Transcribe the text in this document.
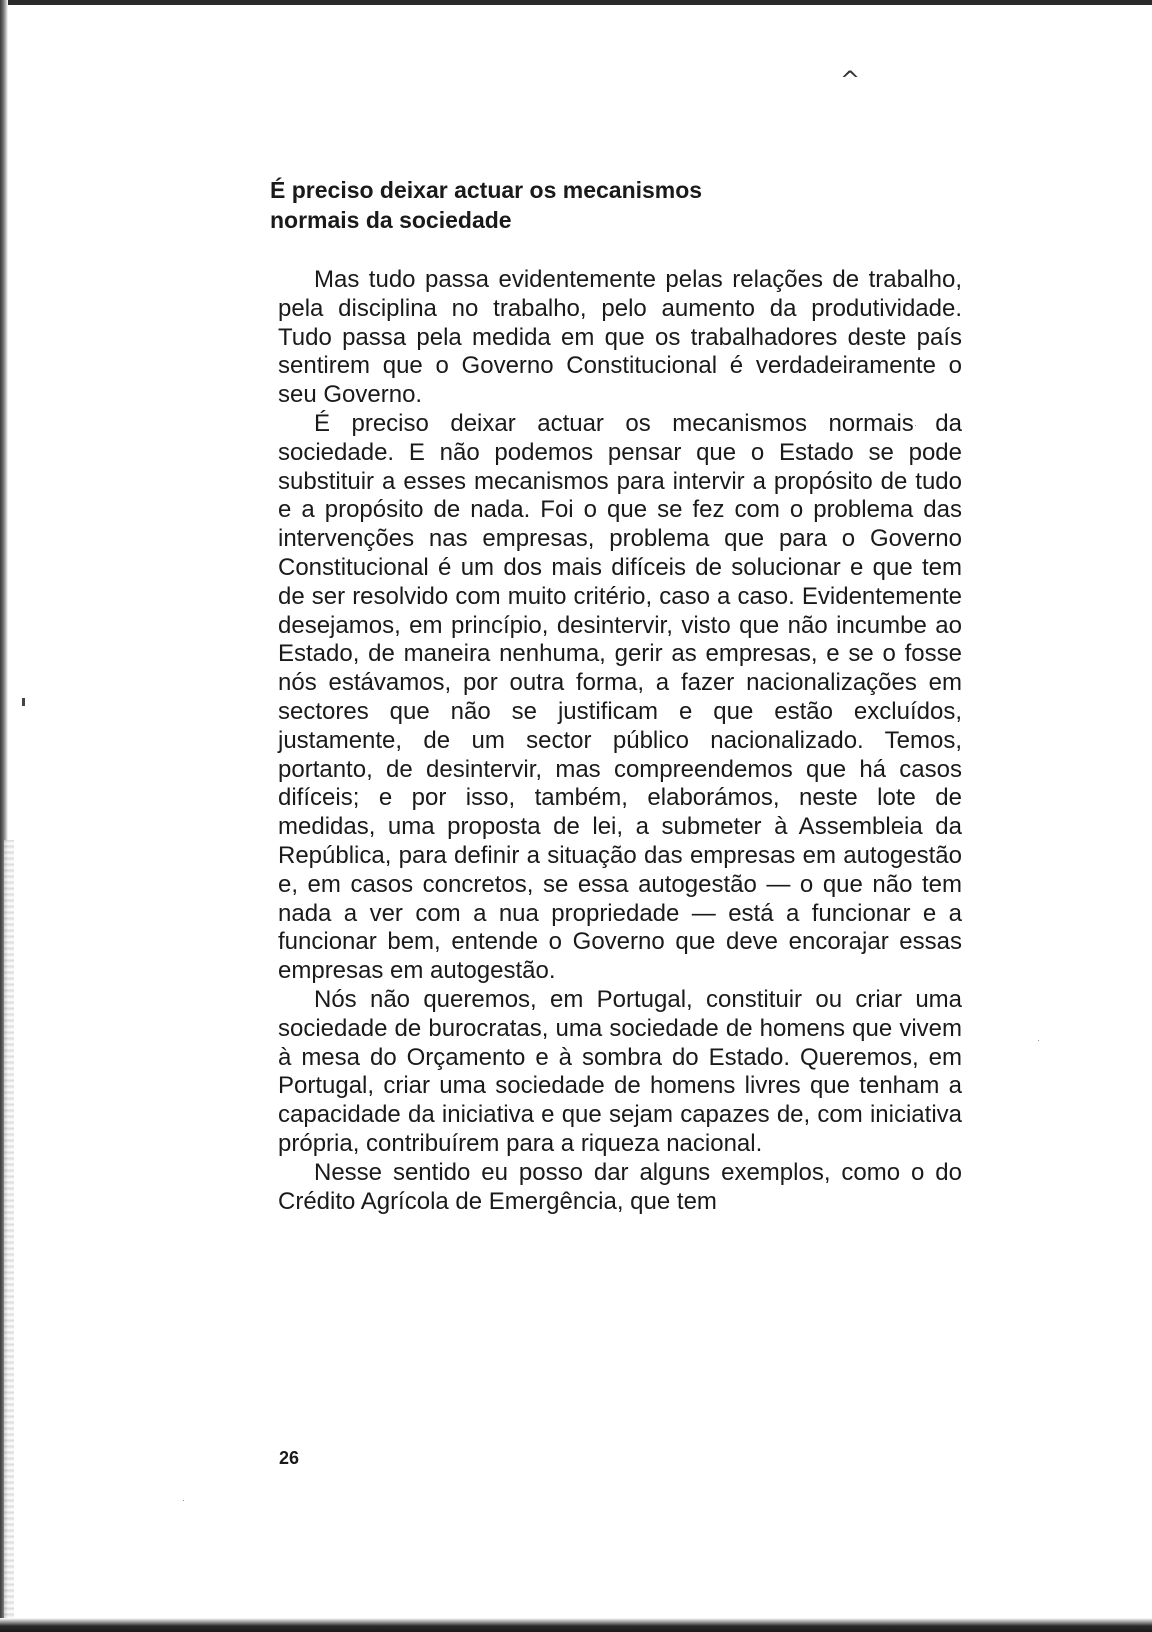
^
É preciso deixar actuar os mecanismos
normais da sociedade

Mas tudo passa evidentemente pelas relações de trabalho, pela disciplina no trabalho, pelo aumento da produtividade. Tudo passa pela medida em que os trabalhadores deste país sentirem que o Governo Constitucional é verdadeiramente o seu Governo.

É preciso deixar actuar os mecanismos normais da sociedade. E não podemos pensar que o Estado se pode substituir a esses mecanismos para intervir a propósito de tudo e a propósito de nada. Foi o que se fez com o problema das intervenções nas empresas, problema que para o Governo Constitucional é um dos mais difíceis de solucionar e que tem de ser resolvido com muito critério, caso a caso. Evidentemente desejamos, em princípio, desintervir, visto que não incumbe ao Estado, de maneira nenhuma, gerir as empresas, e se o fosse nós estávamos, por outra forma, a fazer nacionalizações em sectores que não se justificam e que estão excluídos, justamente, de um sector público nacionalizado. Temos, portanto, de desintervir, mas compreendemos que há casos difíceis; e por isso, também, elaborámos, neste lote de medidas, uma proposta de lei, a submeter à Assembleia da República, para definir a situação das empresas em autogestão e, em casos concretos, se essa autogestão — o que não tem nada a ver com a nua propriedade — está a funcionar e a funcionar bem, entende o Governo que deve encorajar essas empresas em autogestão.

Nós não queremos, em Portugal, constituir ou criar uma sociedade de burocratas, uma sociedade de homens que vivem à mesa do Orçamento e à sombra do Estado. Queremos, em Portugal, criar uma sociedade de homens livres que tenham a capacidade da iniciativa e que sejam capazes de, com iniciativa própria, contribuírem para a riqueza nacional.

Nesse sentido eu posso dar alguns exemplos, como o do Crédito Agrícola de Emergência, que tem

26
